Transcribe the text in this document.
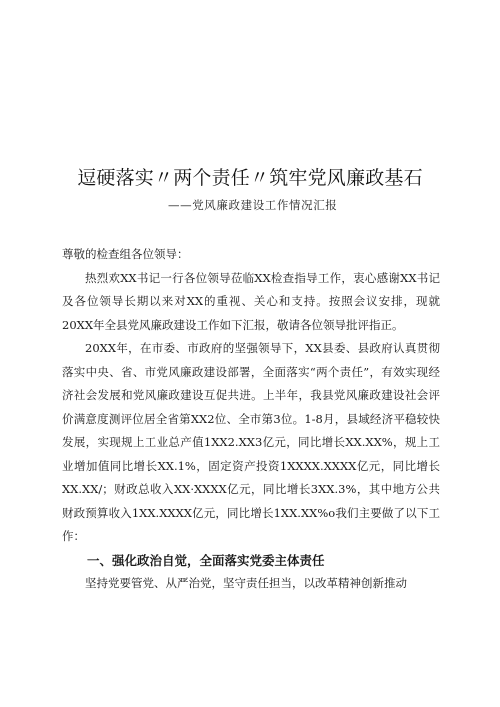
逗硬落实〃两个责任〃筑牢党风廉政基石
——党风廉政建设工作情况汇报

尊敬的检查组各位领导：

热烈欢XX书记一行各位领导莅临XX检查指导工作，衷心感谢XX书记及各位领导长期以来对XX的重视、关心和支持。按照会议安排，现就20XX年全县党风廉政建设工作如下汇报，敬请各位领导批评指正。

20XX年，在市委、市政府的坚强领导下，XX县委、县政府认真贯彻落实中央、省、市党风廉政建设部署，全面落实“两个责任”，有效实现经济社会发展和党风廉政建设互促共进。上半年，我县党风廉政建设社会评价满意度测评位居全省第XX2位、全市第3位。1-8月，县域经济平稳较快发展，实现规上工业总产值1XX2.XX3亿元，同比增长XX.XX%，规上工业增加值同比增长XX.1%，固定资产投资1XXXX.XXXX亿元，同比增长XX.XX/；财政总收入XX·XXXX亿元，同比增长3XX.3%，其中地方公共财政预算收入1XX.XXXX亿元，同比增长1XX.XX%o我们主要做了以下工作：

一、强化政治自觉，全面落实党委主体责任

坚持党要管党、从严治党，坚守责任担当，以改革精神创新推动
